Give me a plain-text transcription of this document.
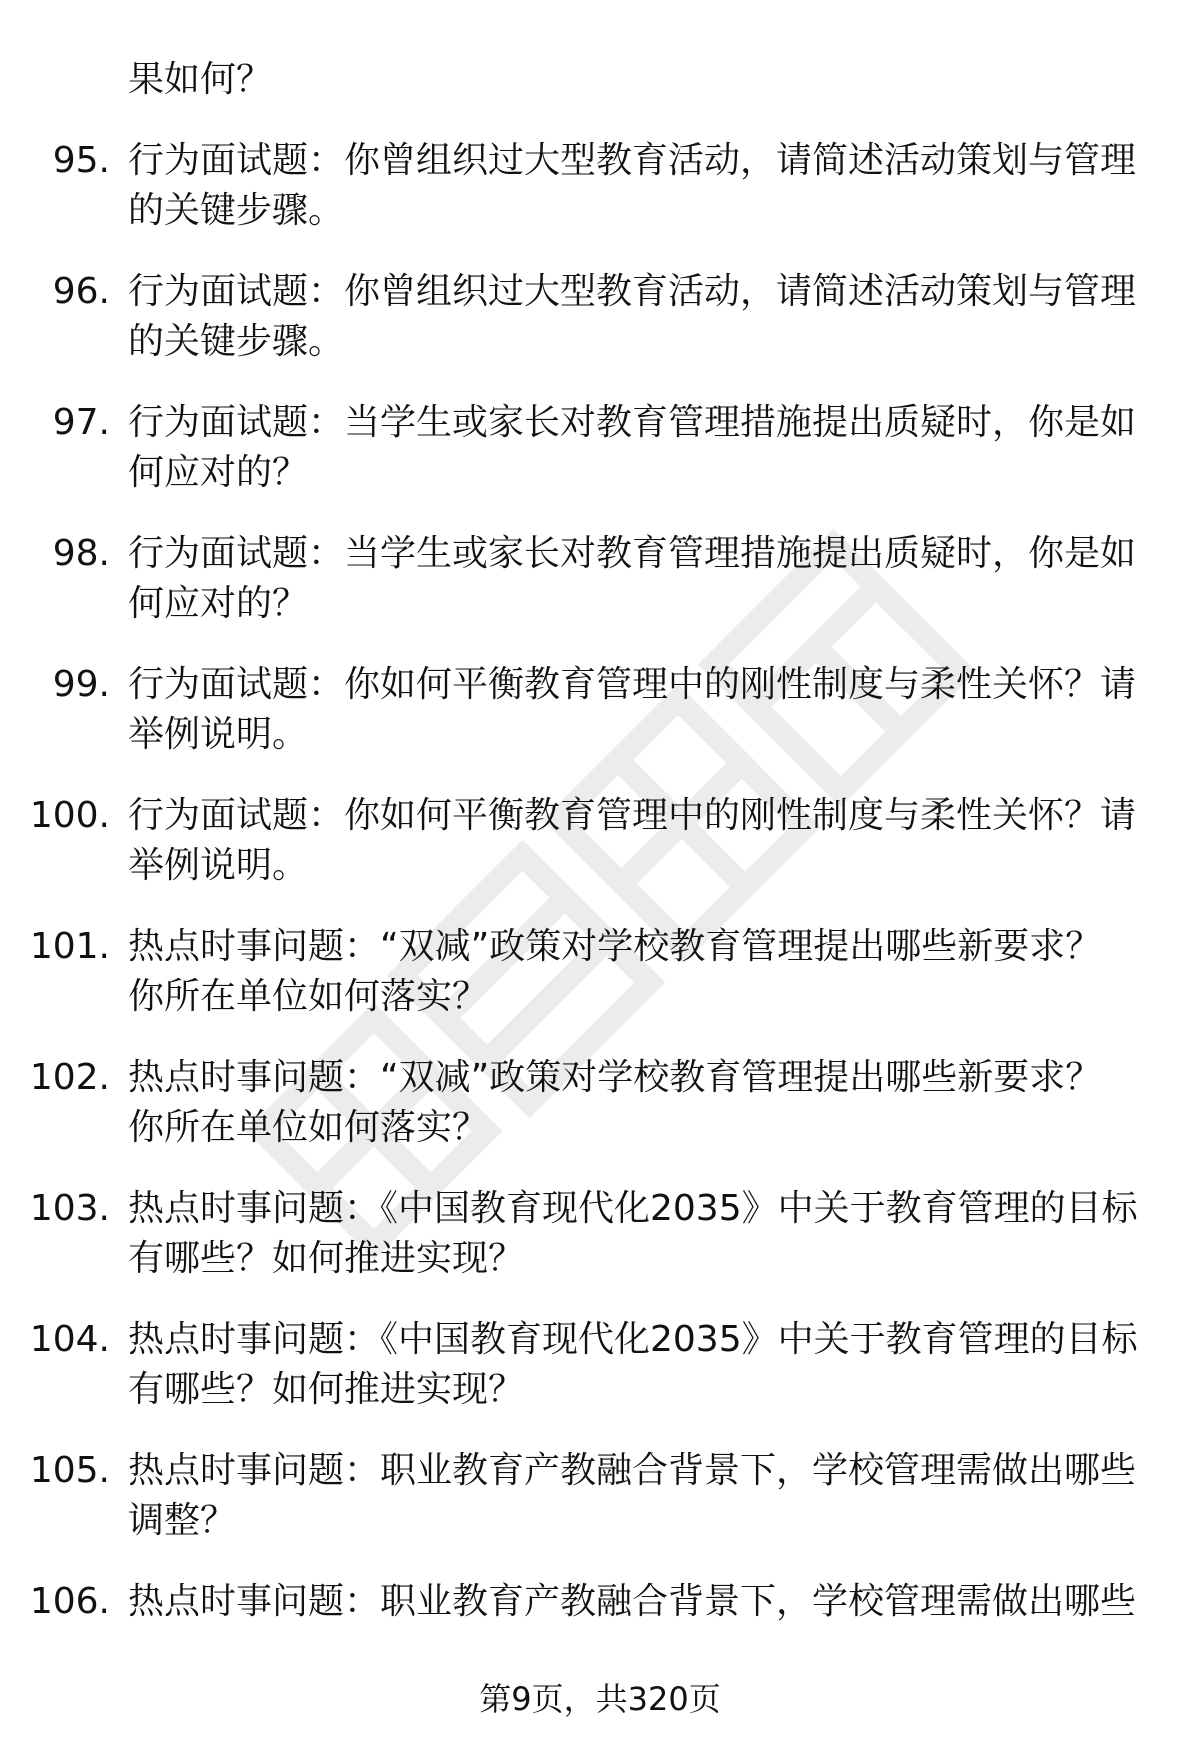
果如何？
95. 行为面试题：你曾组织过大型教育活动，请简述活动策划与管理
的关键步骤。
96. 行为面试题：你曾组织过大型教育活动，请简述活动策划与管理
的关键步骤。
97. 行为面试题：当学生或家长对教育管理措施提出质疑时，你是如
何应对的？
98. 行为面试题：当学生或家长对教育管理措施提出质疑时，你是如
何应对的？
99. 行为面试题：你如何平衡教育管理中的刚性制度与柔性关怀？请
举例说明。
100. 行为面试题：你如何平衡教育管理中的刚性制度与柔性关怀？请
举例说明。
101. 热点时事问题：“双减”政策对学校教育管理提出哪些新要求？
你所在单位如何落实？
102. 热点时事问题：“双减”政策对学校教育管理提出哪些新要求？
你所在单位如何落实？
103. 热点时事问题：《中国教育现代化2035》中关于教育管理的目标
有哪些？如何推进实现？
104. 热点时事问题：《中国教育现代化2035》中关于教育管理的目标
有哪些？如何推进实现？
105. 热点时事问题：职业教育产教融合背景下，学校管理需做出哪些
调整？
106. 热点时事问题：职业教育产教融合背景下，学校管理需做出哪些
第9页，共320页
